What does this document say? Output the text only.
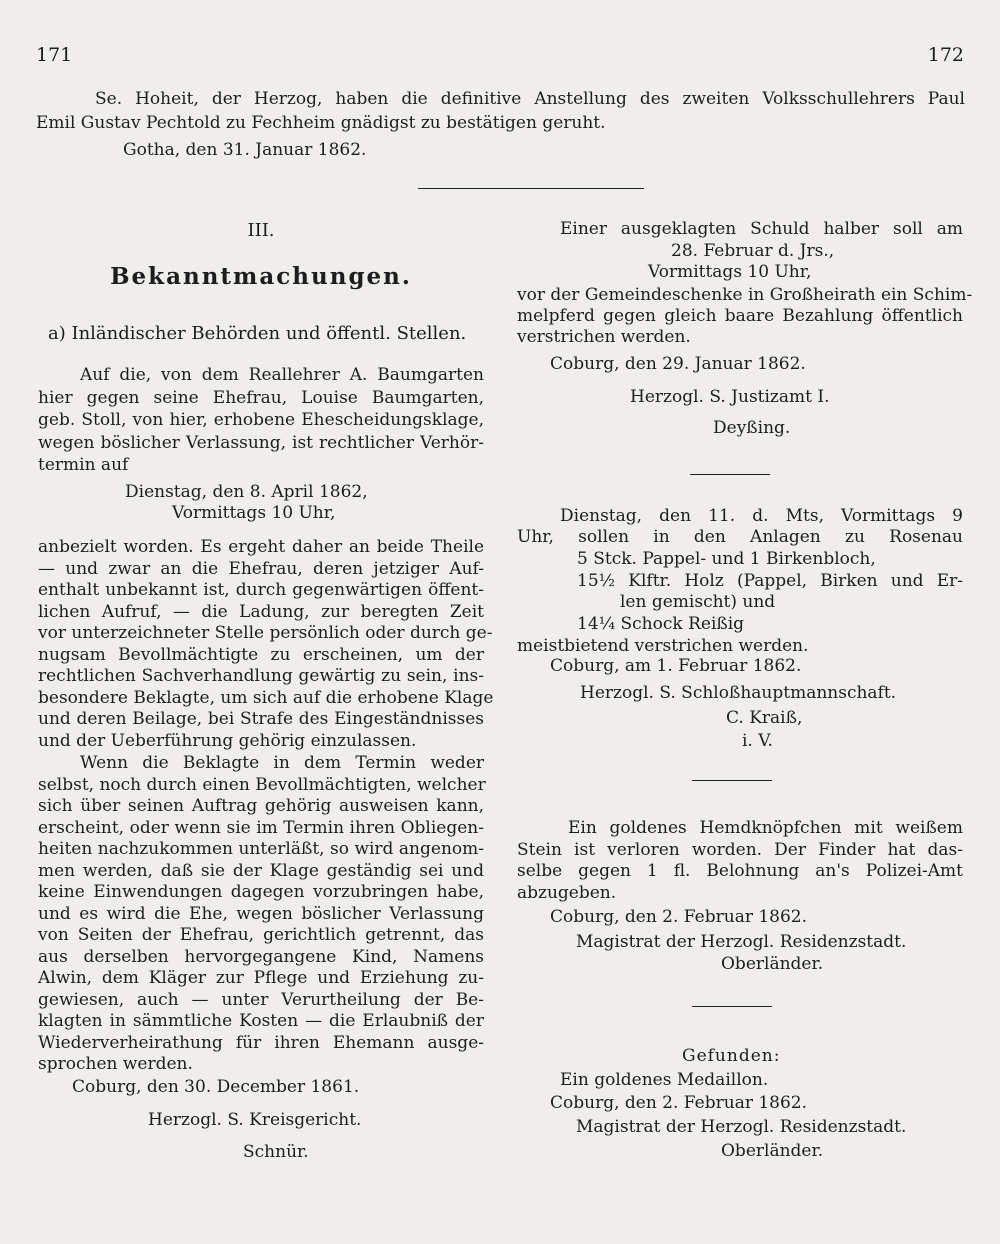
171	172
Se. Hoheit, der Herzog, haben die definitive Anstellung des zweiten Volksschullehrers Paul
Emil Gustav Pechtold zu Fechheim gnädigst zu bestätigen geruht.
Gotha, den 31. Januar 1862.
III.
Bekanntmachungen.
a) Inländischer Behörden und öffentl. Stellen.
Auf die, von dem Reallehrer A. Baumgarten
hier gegen seine Ehefrau, Louise Baumgarten,
geb. Stoll, von hier, erhobene Ehescheidungsklage,
wegen böslicher Verlassung, ist rechtlicher Verhör-
termin auf
Dienstag, den 8. April 1862,
Vormittags 10 Uhr,
anbezielt worden. Es ergeht daher an beide Theile
— und zwar an die Ehefrau, deren jetziger Auf-
enthalt unbekannt ist, durch gegenwärtigen öffent-
lichen Aufruf, — die Ladung, zur beregten Zeit
vor unterzeichneter Stelle persönlich oder durch ge-
nugsam Bevollmächtigte zu erscheinen, um der
rechtlichen Sachverhandlung gewärtig zu sein, ins-
besondere Beklagte, um sich auf die erhobene Klage
und deren Beilage, bei Strafe des Eingeständnisses
und der Ueberführung gehörig einzulassen.
Wenn die Beklagte in dem Termin weder
selbst, noch durch einen Bevollmächtigten, welcher
sich über seinen Auftrag gehörig ausweisen kann,
erscheint, oder wenn sie im Termin ihren Obliegen-
heiten nachzukommen unterläßt, so wird angenom-
men werden, daß sie der Klage geständig sei und
keine Einwendungen dagegen vorzubringen habe,
und es wird die Ehe, wegen böslicher Verlassung
von Seiten der Ehefrau, gerichtlich getrennt, das
aus derselben hervorgegangene Kind, Namens
Alwin, dem Kläger zur Pflege und Erziehung zu-
gewiesen, auch — unter Verurtheilung der Be-
klagten in sämmtliche Kosten — die Erlaubniß der
Wiederverheirathung für ihren Ehemann ausge-
sprochen werden.
Coburg, den 30. December 1861.
Herzogl. S. Kreisgericht.
Schnür.
Einer ausgeklagten Schuld halber soll am
28. Februar d. Jrs.,
Vormittags 10 Uhr,
vor der Gemeindeschenke in Großheirath ein Schim-
melpferd gegen gleich baare Bezahlung öffentlich
verstrichen werden.
Coburg, den 29. Januar 1862.
Herzogl. S. Justizamt I.
Deyßing.
Dienstag, den 11. d. Mts, Vormittags 9
Uhr, sollen in den Anlagen zu Rosenau
5 Stck. Pappel- und 1 Birkenbloch,
15½ Klftr. Holz (Pappel, Birken und Er-
len gemischt) und
14¼ Schock Reißig
meistbietend verstrichen werden.
Coburg, am 1. Februar 1862.
Herzogl. S. Schloßhauptmannschaft.
C. Kraiß,
i. V.
Ein goldenes Hemdknöpfchen mit weißem
Stein ist verloren worden. Der Finder hat das-
selbe gegen 1 fl. Belohnung an's Polizei-Amt
abzugeben.
Coburg, den 2. Februar 1862.
Magistrat der Herzogl. Residenzstadt.
Oberländer.
Gefunden:
Ein goldenes Medaillon.
Coburg, den 2. Februar 1862.
Magistrat der Herzogl. Residenzstadt.
Oberländer.
